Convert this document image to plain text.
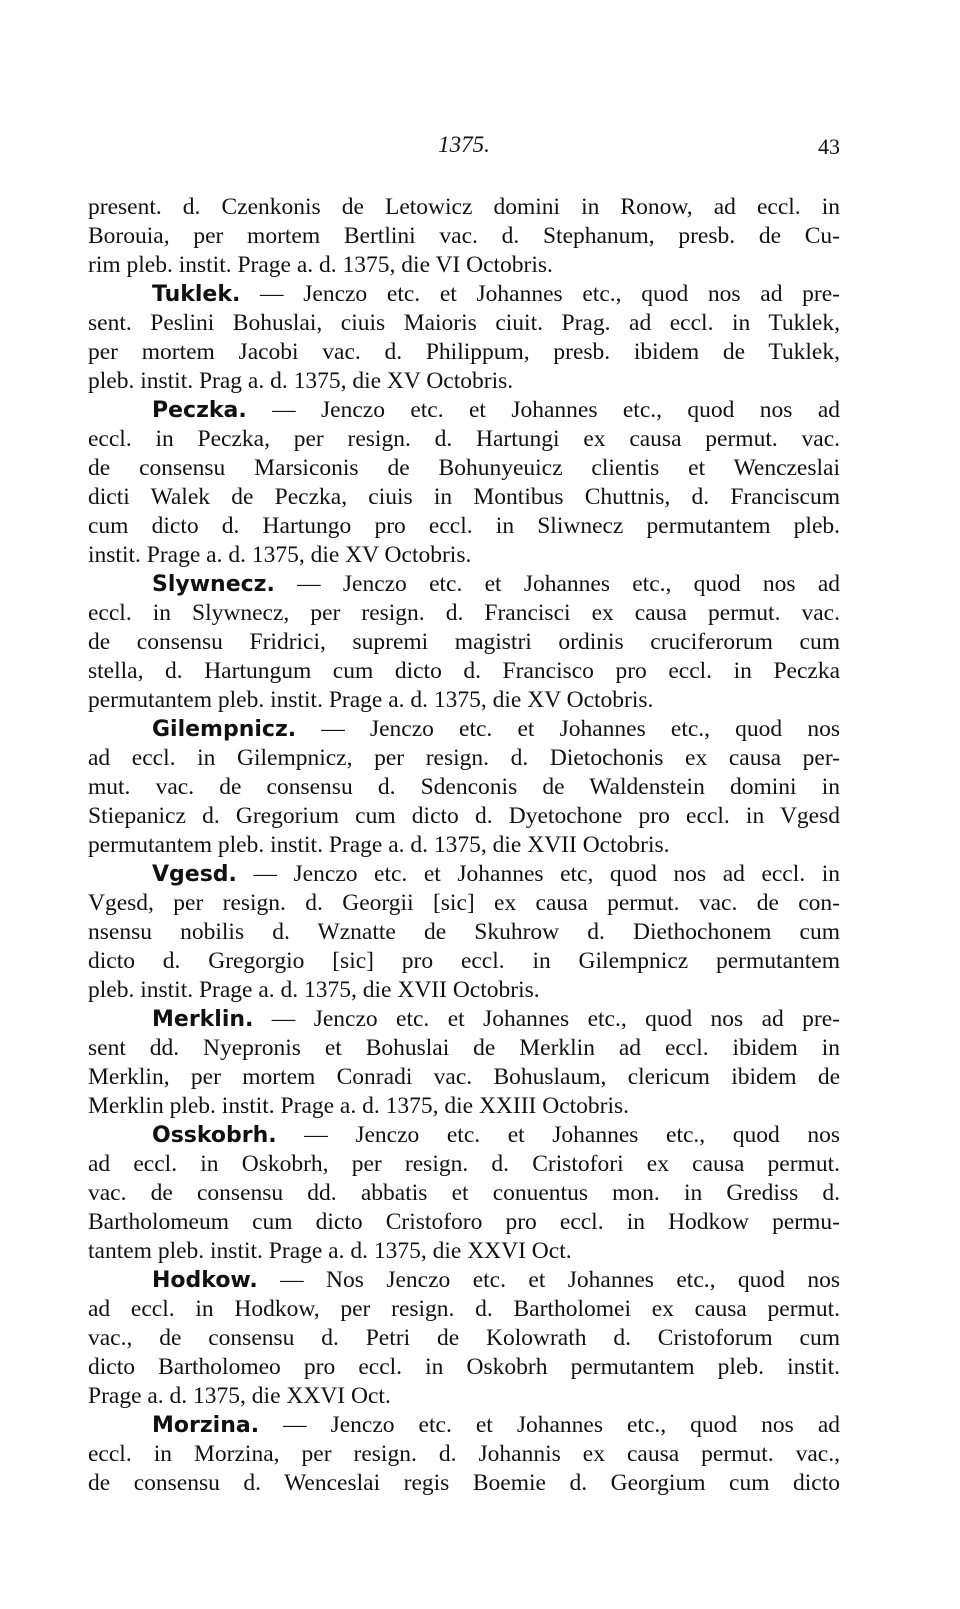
1375.	43
present. d. Czenkonis de Letowicz domini in Ronow, ad eccl. in
Borouia, per mortem Bertlini vac. d. Stephanum, presb. de Cu-
rim pleb. instit. Prage a. d. 1375, die VI Octobris.
Tuklek. — Jenczo etc. et Johannes etc., quod nos ad pre-
sent. Peslini Bohuslai, ciuis Maioris ciuit. Prag. ad eccl. in Tuklek,
per mortem Jacobi vac. d. Philippum, presb. ibidem de Tuklek,
pleb. instit. Prag a. d. 1375, die XV Octobris.
Peczka. — Jenczo etc. et Johannes etc., quod nos ad
eccl. in Peczka, per resign. d. Hartungi ex causa permut. vac.
de consensu Marsiconis de Bohunyeuicz clientis et Wenczeslai
dicti Walek de Peczka, ciuis in Montibus Chuttnis, d. Franciscum
cum dicto d. Hartungo pro eccl. in Sliwnecz permutantem pleb.
instit. Prage a. d. 1375, die XV Octobris.
Slywnecz. — Jenczo etc. et Johannes etc., quod nos ad
eccl. in Slywnecz, per resign. d. Francisci ex causa permut. vac.
de consensu Fridrici, supremi magistri ordinis cruciferorum cum
stella, d. Hartungum cum dicto d. Francisco pro eccl. in Peczka
permutantem pleb. instit. Prage a. d. 1375, die XV Octobris.
Gilempnicz. — Jenczo etc. et Johannes etc., quod nos
ad eccl. in Gilempnicz, per resign. d. Dietochonis ex causa per-
mut. vac. de consensu d. Sdenconis de Waldenstein domini in
Stiepanicz d. Gregorium cum dicto d. Dyetochone pro eccl. in Vgesd
permutantem pleb. instit. Prage a. d. 1375, die XVII Octobris.
Vgesd. — Jenczo etc. et Johannes etc, quod nos ad eccl. in
Vgesd, per resign. d. Georgii [sic] ex causa permut. vac. de con-
nsensu nobilis d. Wznatte de Skuhrow d. Diethochonem cum
dicto d. Gregorgio [sic] pro eccl. in Gilempnicz permutantem
pleb. instit. Prage a. d. 1375, die XVII Octobris.
Merklin. — Jenczo etc. et Johannes etc., quod nos ad pre-
sent dd. Nyepronis et Bohuslai de Merklin ad eccl. ibidem in
Merklin, per mortem Conradi vac. Bohuslaum, clericum ibidem de
Merklin pleb. instit. Prage a. d. 1375, die XXIII Octobris.
Osskobrh. — Jenczo etc. et Johannes etc., quod nos
ad eccl. in Oskobrh, per resign. d. Cristofori ex causa permut.
vac. de consensu dd. abbatis et conuentus mon. in Grediss d.
Bartholomeum cum dicto Cristoforo pro eccl. in Hodkow permu-
tantem pleb. instit. Prage a. d. 1375, die XXVI Oct.
Hodkow. — Nos Jenczo etc. et Johannes etc., quod nos
ad eccl. in Hodkow, per resign. d. Bartholomei ex causa permut.
vac., de consensu d. Petri de Kolowrath d. Cristoforum cum
dicto Bartholomeo pro eccl. in Oskobrh permutantem pleb. instit.
Prage a. d. 1375, die XXVI Oct.
Morzina. — Jenczo etc. et Johannes etc., quod nos ad
eccl. in Morzina, per resign. d. Johannis ex causa permut. vac.,
de consensu d. Wenceslai regis Boemie d. Georgium cum dicto
